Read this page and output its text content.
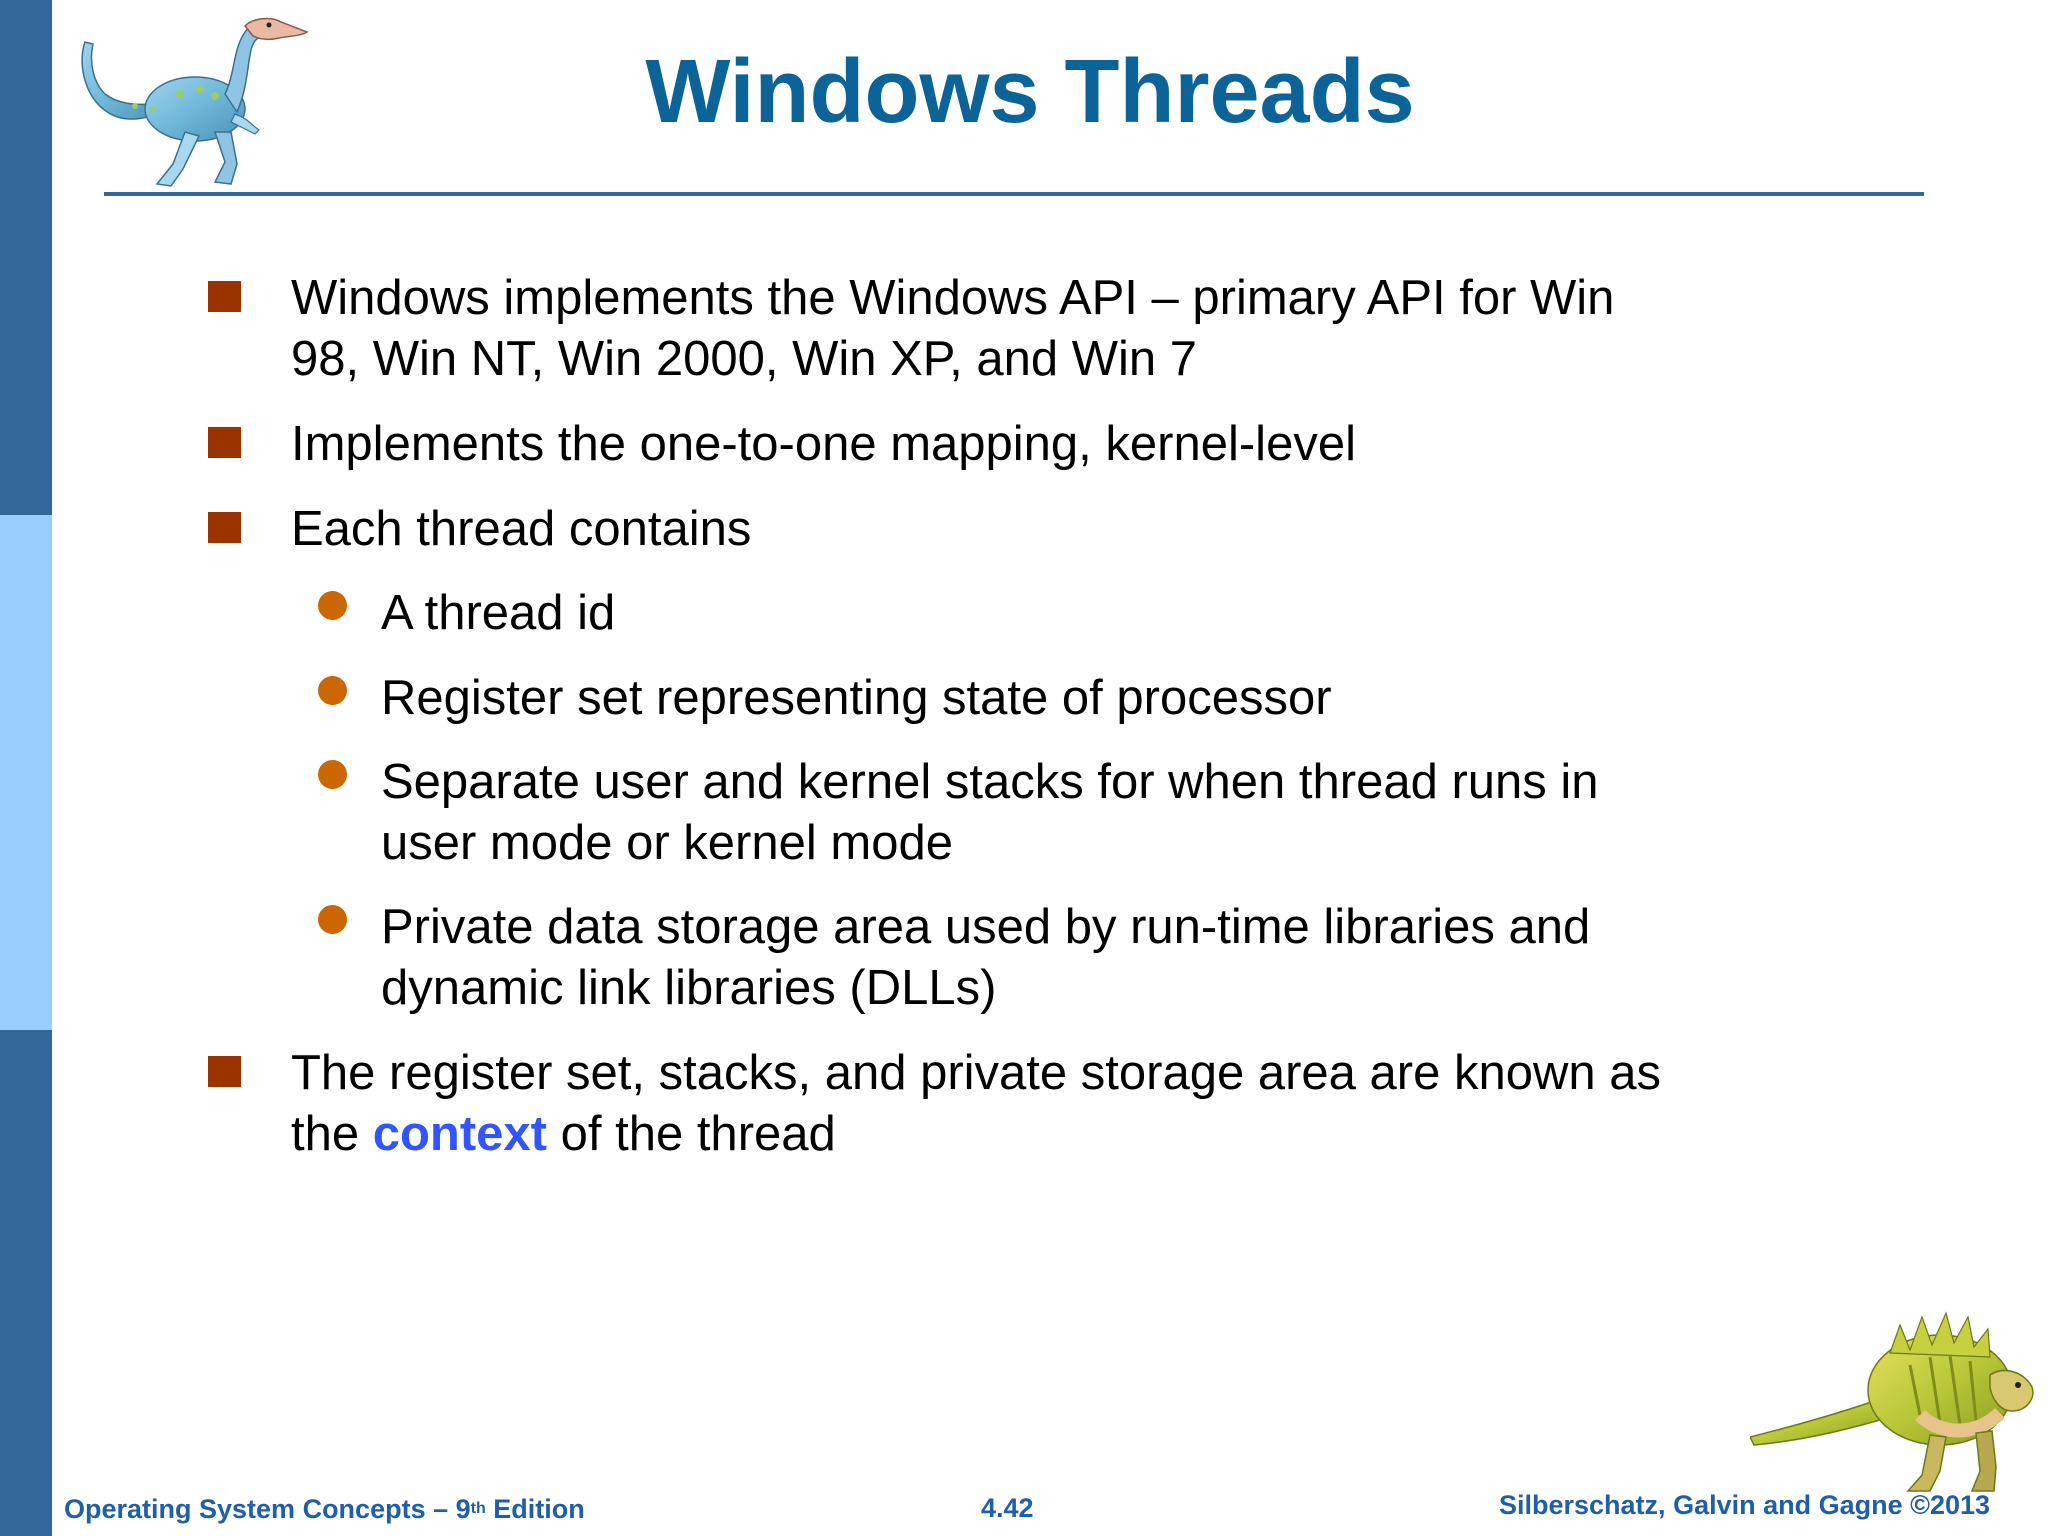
Windows Threads
Windows implements the Windows API – primary API for Win
98, Win NT, Win 2000, Win XP, and Win 7
Implements the one-to-one mapping, kernel-level
Each thread contains
A thread id
Register set representing state of processor
Separate user and kernel stacks for when thread runs in
user mode or kernel mode
Private data storage area used by run-time libraries and
dynamic link libraries (DLLs)
The register set, stacks, and private storage area are known as
the context of the thread
Operating System Concepts – 9th Edition	4.42	Silberschatz, Galvin and Gagne ©2013
